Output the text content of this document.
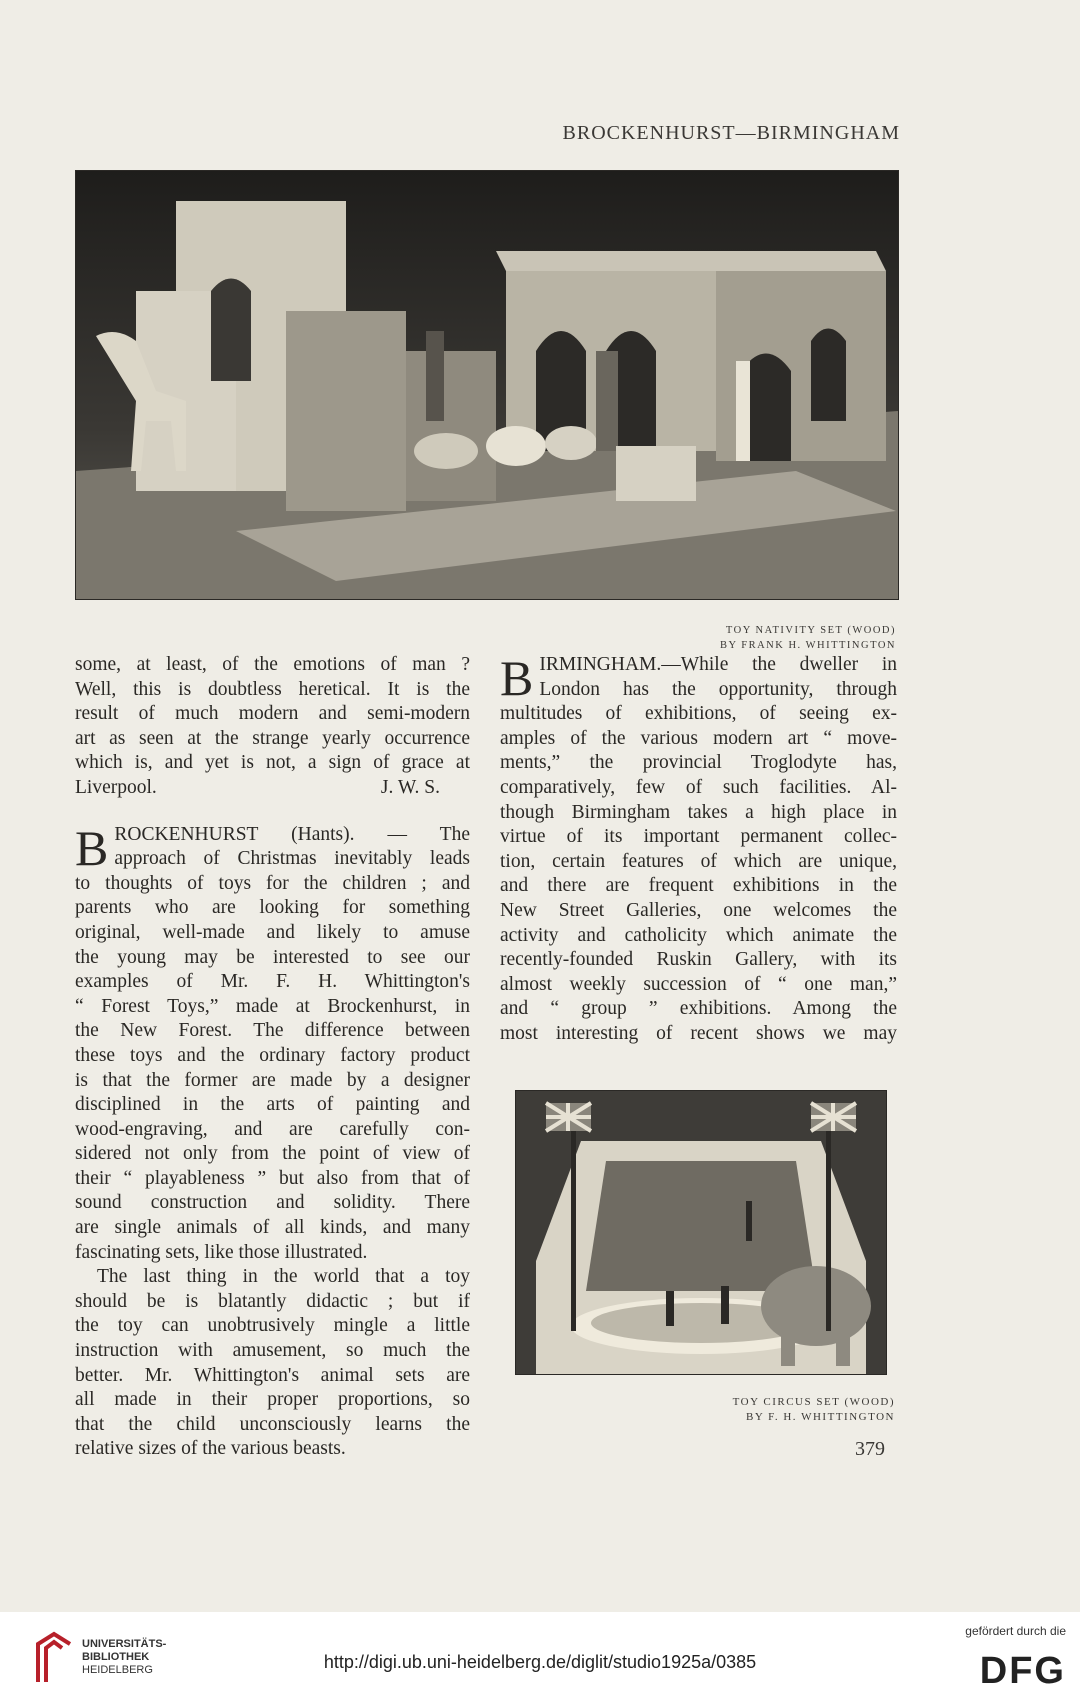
BROCKENHURST—BIRMINGHAM
TOY NATIVITY SET (WOOD)
BY FRANK H. WHITTINGTON
some, at least, of the emotions of man ?
Well, this is doubtless heretical. It is the
result of much modern and semi-modern
art as seen at the strange yearly occurrence
which is, and yet is not, a sign of grace at
Liverpool.	J. W. S.
B ROCKENHURST (Hants). — The
approach of Christmas inevitably leads
to thoughts of toys for the children ; and
parents who are looking for something
original, well-made and likely to amuse
the young may be interested to see our
examples of Mr. F. H. Whittington's
“ Forest Toys,” made at Brockenhurst, in
the New Forest. The difference between
these toys and the ordinary factory product
is that the former are made by a designer
disciplined in the arts of painting and
wood-engraving, and are carefully con-
sidered not only from the point of view of
their “ playableness ” but also from that of
sound construction and solidity. There
are single animals of all kinds, and many
fascinating sets, like those illustrated.
The last thing in the world that a toy
should be is blatantly didactic ; but if
the toy can unobtrusively mingle a little
instruction with amusement, so much the
better. Mr. Whittington's animal sets are
all made in their proper proportions, so
that the child unconsciously learns the
relative sizes of the various beasts.
B IRMINGHAM.—While the dweller in
London has the opportunity, through
multitudes of exhibitions, of seeing ex-
amples of the various modern art “ move-
ments,” the provincial Troglodyte has,
comparatively, few of such facilities. Al-
though Birmingham takes a high place in
virtue of its important permanent collec-
tion, certain features of which are unique,
and there are frequent exhibitions in the
New Street Galleries, one welcomes the
activity and catholicity which animate the
recently-founded Ruskin Gallery, with its
almost weekly succession of “ one man,”
and “ group ” exhibitions. Among the
most interesting of recent shows we may
TOY CIRCUS SET (WOOD)
BY F. H. WHITTINGTON
379
UNIVERSITÄTS-
BIBLIOTHEK
HEIDELBERG	http://digi.ub.uni-heidelberg.de/diglit/studio1925a/0385
gefördert durch die
DFG
